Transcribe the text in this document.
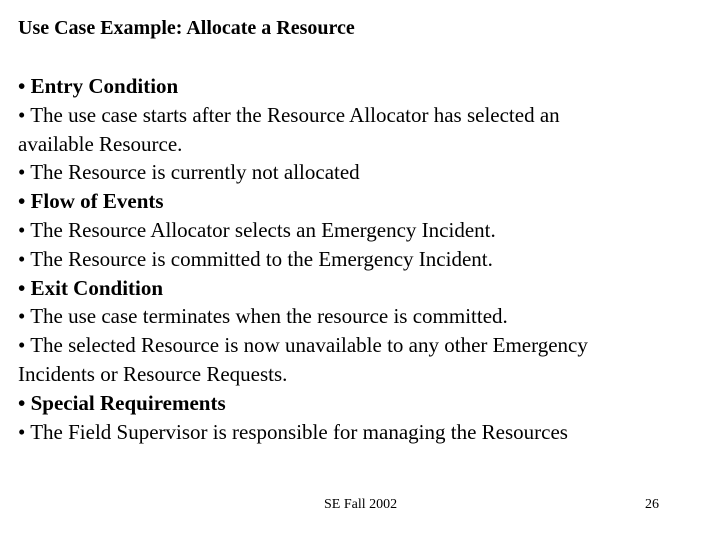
Use Case Example: Allocate a Resource
• Entry Condition
• The use case starts after the Resource Allocator has selected an
available Resource.
• The Resource is currently not allocated
• Flow of Events
• The Resource Allocator selects an Emergency Incident.
• The Resource is committed to the Emergency Incident.
• Exit Condition
• The use case terminates when the resource is committed.
• The selected Resource is now unavailable to any other Emergency
Incidents or Resource Requests.
• Special Requirements
• The Field Supervisor is responsible for managing the Resources
SE Fall 2002	26
